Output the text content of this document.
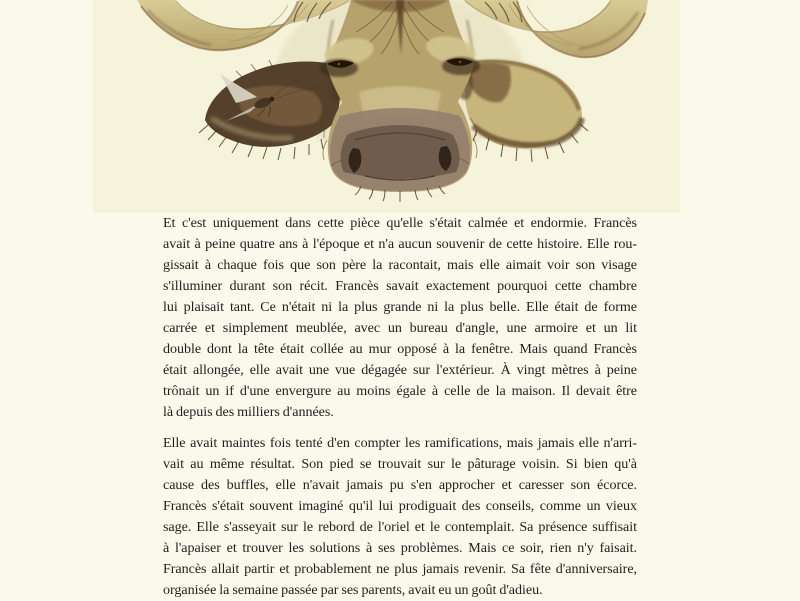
Et c'est uniquement dans cette pièce qu'elle s'était calmée et endormie. Francès
avait à peine quatre ans à l'époque et n'a aucun souvenir de cette histoire. Elle rou-
gissait à chaque fois que son père la racontait, mais elle aimait voir son visage
s'illuminer durant son récit. Francès savait exactement pourquoi cette chambre
lui plaisait tant. Ce n'était ni la plus grande ni la plus belle. Elle était de forme
carrée et simplement meublée, avec un bureau d'angle, une armoire et un lit
double dont la tête était collée au mur opposé à la fenêtre. Mais quand Francès
était allongée, elle avait une vue dégagée sur l'extérieur. À vingt mètres à peine
trônait un if d'une envergure au moins égale à celle de la maison. Il devait être
là depuis des milliers d'années.
Elle avait maintes fois tenté d'en compter les ramifications, mais jamais elle n'arri-
vait au même résultat. Son pied se trouvait sur le pâturage voisin. Si bien qu'à
cause des buffles, elle n'avait jamais pu s'en approcher et caresser son écorce.
Francès s'était souvent imaginé qu'il lui prodiguait des conseils, comme un vieux
sage. Elle s'asseyait sur le rebord de l'oriel et le contemplait. Sa présence suffisait
à l'apaiser et trouver les solutions à ses problèmes. Mais ce soir, rien n'y faisait.
Francès allait partir et probablement ne plus jamais revenir. Sa fête d'anniversaire,
organisée la semaine passée par ses parents, avait eu un goût d'adieu.
